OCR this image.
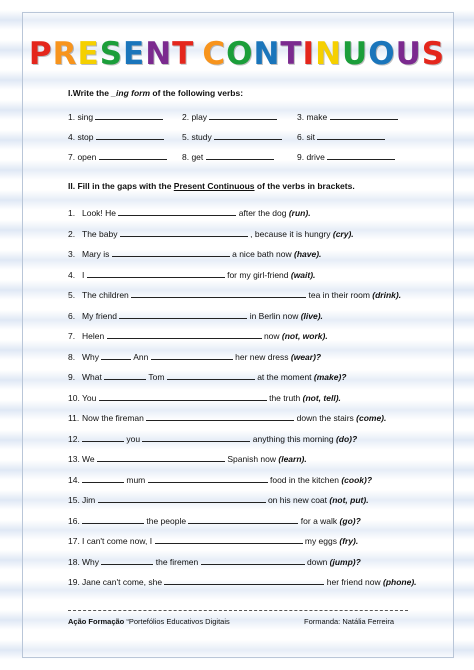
PRESENT CONTINUOUS
I.Write the _ing form of the following verbs:
1. sing	2. play	3. make
4. stop	5. study	6. sit
7. open	8. get	9. drive
II. Fill in the gaps with the Present Continuous of the verbs in brackets.
1.Look! He	after the dog (run).
2.The baby	, because it is hungry (cry).
3.Mary is	a nice bath now (have).
4.I	for my girl-friend (wait).
5.The children	tea in their room (drink).
6.My friend	in Berlin now (live).
7.Helen	now (not, work).
8.Why	Ann	her new dress (wear)?
9.What	Tom	at the moment (make)?
10.You	the truth (not, tell).
11.Now the fireman	down the stairs (come).
12.	you	anything this morning (do)?
13.We	Spanish now (learn).
14.	mum	food in the kitchen (cook)?
15.Jim	on his new coat (not, put).
16.	the people	for a walk (go)?
17.I can't come now, I	my eggs (fry).
18.Why	the firemen	down (jump)?
19.Jane can't come, she	her friend now (phone).
Ação Formação “Portefólios Educativos Digitais	Formanda: Natália Ferreira
